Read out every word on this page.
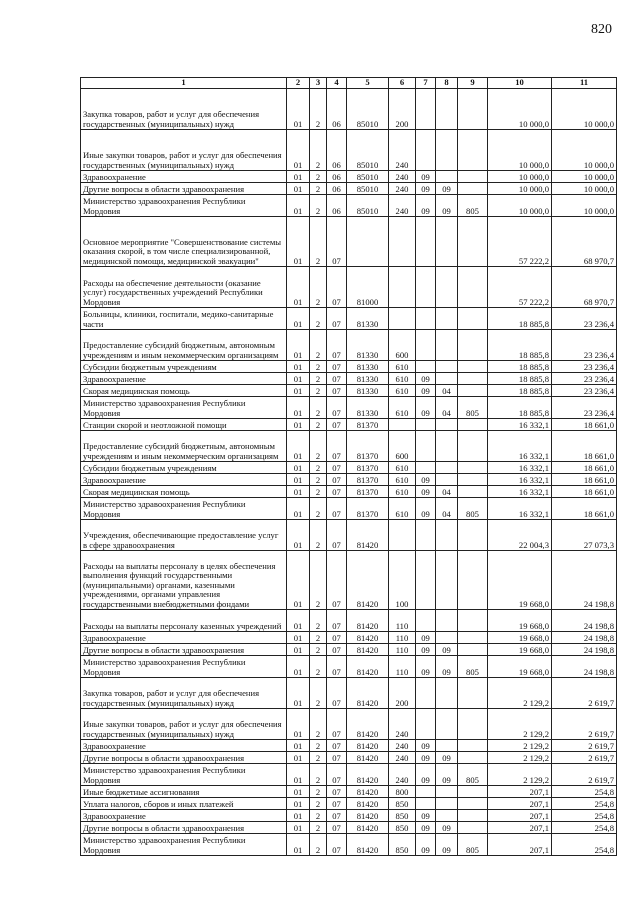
820
1	2	3	4	5	6	7	8	9	10	11
Закупка товаров, работ и услуг для обеспечения государственных (муниципальных) нужд	01	2	06	85010	200				10 000,0	10 000,0
Иные закупки товаров, работ и услуг для обеспечения государственных (муниципальных) нужд	01	2	06	85010	240				10 000,0	10 000,0
Здравоохранение	01	2	06	85010	240	09			10 000,0	10 000,0
Другие вопросы в области здравоохранения	01	2	06	85010	240	09	09		10 000,0	10 000,0
Министерство здравоохранения Республики Мордовия	01	2	06	85010	240	09	09	805	10 000,0	10 000,0
Основное мероприятие "Совершенствование системы оказания скорой, в том числе специализированной, медицинской помощи, медицинской эвакуации"	01	2	07						57 222,2	68 970,7
Расходы на обеспечение деятельности (оказание услуг) государственных учреждений Республики Мордовия	01	2	07	81000					57 222,2	68 970,7
Больницы, клиники, госпитали, медико-санитарные части	01	2	07	81330					18 885,8	23 236,4
Предоставление субсидий бюджетным, автономным учреждениям и иным некоммерческим организациям	01	2	07	81330	600				18 885,8	23 236,4
Субсидии бюджетным учреждениям	01	2	07	81330	610				18 885,8	23 236,4
Здравоохранение	01	2	07	81330	610	09			18 885,8	23 236,4
Скорая медицинская помощь	01	2	07	81330	610	09	04		18 885,8	23 236,4
Министерство здравоохранения Республики Мордовия	01	2	07	81330	610	09	04	805	18 885,8	23 236,4
Станции скорой и неотложной помощи	01	2	07	81370					16 332,1	18 661,0
Предоставление субсидий бюджетным, автономным учреждениям и иным некоммерческим организациям	01	2	07	81370	600				16 332,1	18 661,0
Субсидии бюджетным учреждениям	01	2	07	81370	610				16 332,1	18 661,0
Здравоохранение	01	2	07	81370	610	09			16 332,1	18 661,0
Скорая медицинская помощь	01	2	07	81370	610	09	04		16 332,1	18 661,0
Министерство здравоохранения Республики Мордовия	01	2	07	81370	610	09	04	805	16 332,1	18 661,0
Учреждения, обеспечивающие предоставление услуг в сфере здравоохранения	01	2	07	81420					22 004,3	27 073,3
Расходы на выплаты персоналу в целях обеспечения выполнения функций государственными (муниципальными) органами, казенными учреждениями, органами управления государственными внебюджетными фондами	01	2	07	81420	100				19 668,0	24 198,8
Расходы на выплаты персоналу казенных учреждений	01	2	07	81420	110				19 668,0	24 198,8
Здравоохранение	01	2	07	81420	110	09			19 668,0	24 198,8
Другие вопросы в области здравоохранения	01	2	07	81420	110	09	09		19 668,0	24 198,8
Министерство здравоохранения Республики Мордовия	01	2	07	81420	110	09	09	805	19 668,0	24 198,8
Закупка товаров, работ и услуг для обеспечения государственных (муниципальных) нужд	01	2	07	81420	200				2 129,2	2 619,7
Иные закупки товаров, работ и услуг для обеспечения государственных (муниципальных) нужд	01	2	07	81420	240				2 129,2	2 619,7
Здравоохранение	01	2	07	81420	240	09			2 129,2	2 619,7
Другие вопросы в области здравоохранения	01	2	07	81420	240	09	09		2 129,2	2 619,7
Министерство здравоохранения Республики Мордовия	01	2	07	81420	240	09	09	805	2 129,2	2 619,7
Иные бюджетные ассигнования	01	2	07	81420	800				207,1	254,8
Уплата налогов, сборов и иных платежей	01	2	07	81420	850				207,1	254,8
Здравоохранение	01	2	07	81420	850	09			207,1	254,8
Другие вопросы в области здравоохранения	01	2	07	81420	850	09	09		207,1	254,8
Министерство здравоохранения Республики Мордовия	01	2	07	81420	850	09	09	805	207,1	254,8
